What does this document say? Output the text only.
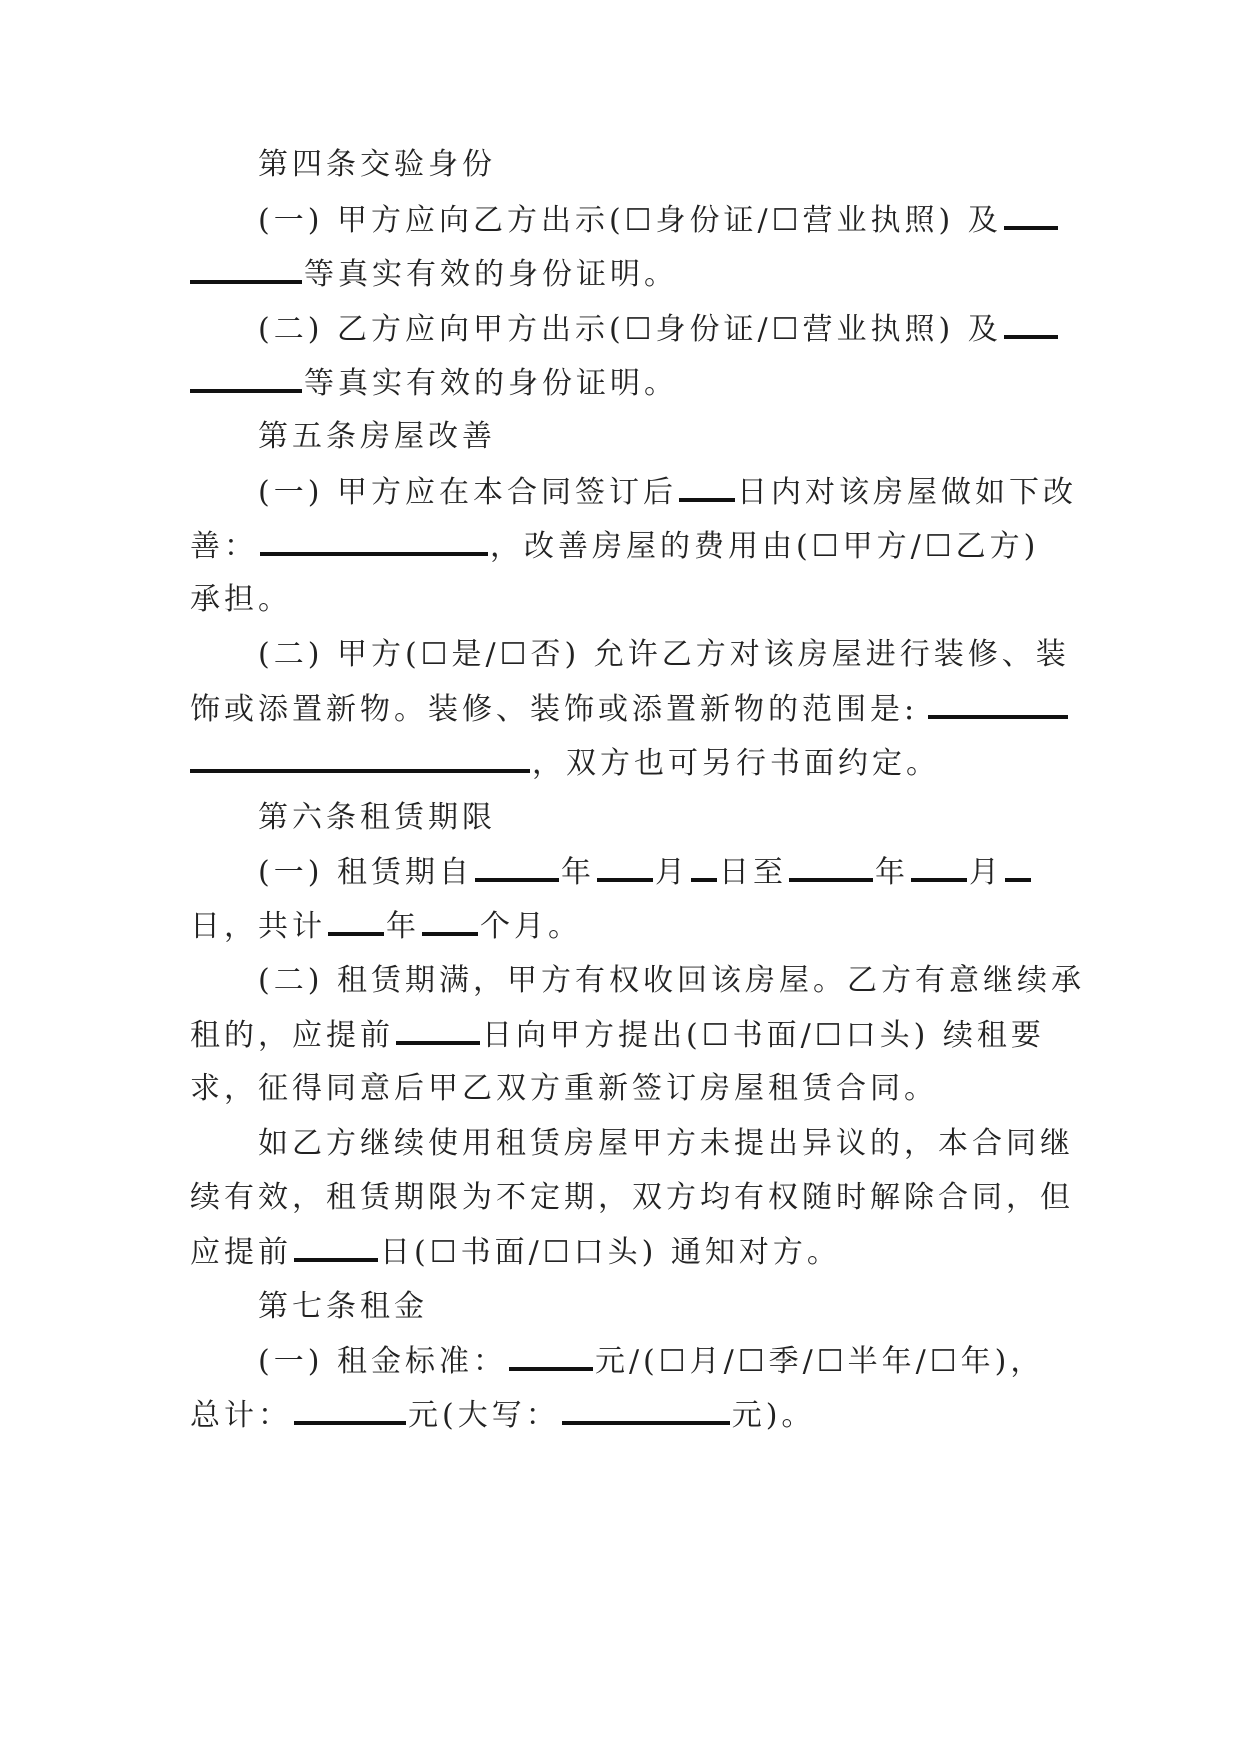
第四条交验身份
(一) 甲方应向乙方出示(☐身份证/☐营业执照) 及
等真实有效的身份证明。
(二) 乙方应向甲方出示(☐身份证/☐营业执照) 及
等真实有效的身份证明。
第五条房屋改善
(一) 甲方应在本合同签订后 日内对该房屋做如下改
善：	，改善房屋的费用由(☐甲方/☐乙方)
承担。
(二) 甲方(☐是/☐否) 允许乙方对该房屋进行装修、装
饰或添置新物。装修、装饰或添置新物的范围是:
，双方也可另行书面约定。
第六条租赁期限
(一) 租赁期自	年 月 日至	年 月
日，共计 年 个月。
(二) 租赁期满，甲方有权收回该房屋。乙方有意继续承
租的，应提前	日向甲方提出(☐书面/☐口头) 续租要
求，征得同意后甲乙双方重新签订房屋租赁合同。
如乙方继续使用租赁房屋甲方未提出异议的，本合同继
续有效，租赁期限为不定期，双方均有权随时解除合同，但
应提前	日(☐书面/☐口头) 通知对方。
第七条租金
(一) 租金标准：	元/(☐月/☐季/☐半年/☐年)，
总计：	元(大写：	元)。
